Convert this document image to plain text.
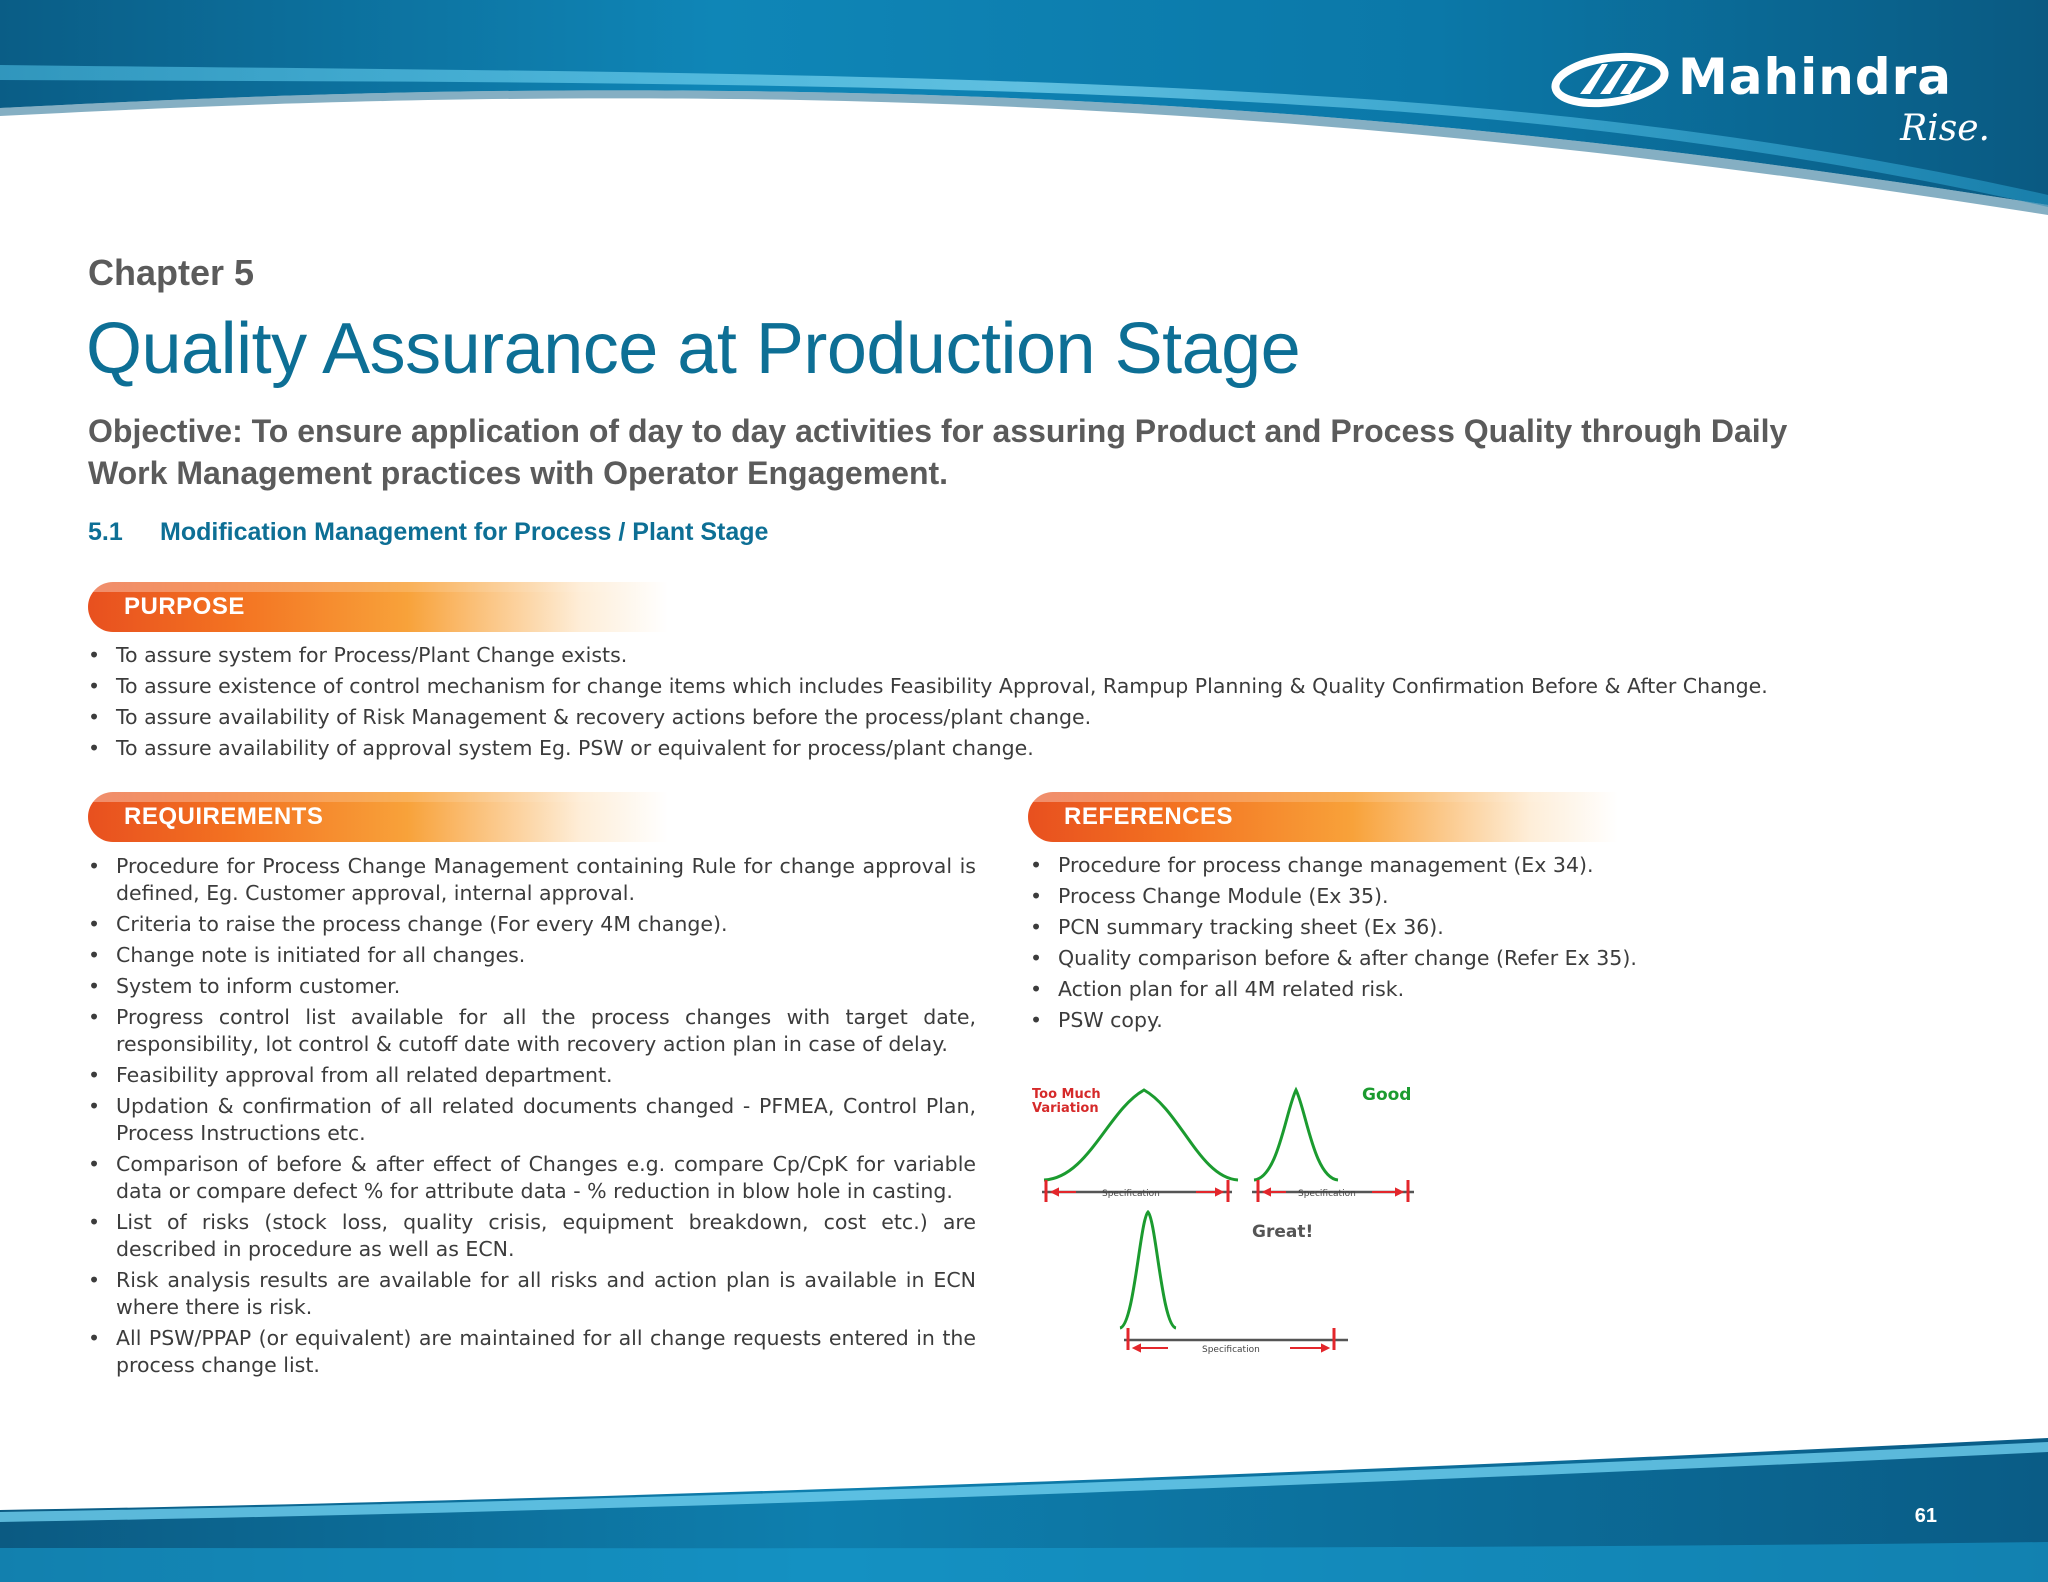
Mahindra
Rise.
Chapter 5
Quality Assurance at Production Stage
Objective: To ensure application of day to day activities for assuring Product and Process Quality through Daily Work Management practices with Operator Engagement.
5.1 Modification Management for Process / Plant Stage
PURPOSE
• To assure system for Process/Plant Change exists.
• To assure existence of control mechanism for change items which includes Feasibility Approval, Rampup Planning & Quality Confirmation Before & After Change.
• To assure availability of Risk Management & recovery actions before the process/plant change.
• To assure availability of approval system Eg. PSW or equivalent for process/plant change.
REQUIREMENTS
• Procedure for Process Change Management containing Rule for change approval is defined, Eg. Customer approval, internal approval.
• Criteria to raise the process change (For every 4M change).
• Change note is initiated for all changes.
• System to inform customer.
• Progress control list available for all the process changes with target date, responsibility, lot control & cutoff date with recovery action plan in case of delay.
• Feasibility approval from all related department.
• Updation & confirmation of all related documents changed - PFMEA, Control Plan, Process Instructions etc.
• Comparison of before & after effect of Changes e.g. compare Cp/CpK for variable data or compare defect % for attribute data - % reduction in blow hole in casting.
• List of risks (stock loss, quality crisis, equipment breakdown, cost etc.) are described in procedure as well as ECN.
• Risk analysis results are available for all risks and action plan is available in ECN where there is risk.
• All PSW/PPAP (or equivalent) are maintained for all change requests entered in the process change list.
REFERENCES
• Procedure for process change management (Ex 34).
• Process Change Module (Ex 35).
• PCN summary tracking sheet (Ex 36).
• Quality comparison before & after change (Refer Ex 35).
• Action plan for all 4M related risk.
• PSW copy.
Too Much
Variation
Good
Great!
Specification	Specification
Specification
61
